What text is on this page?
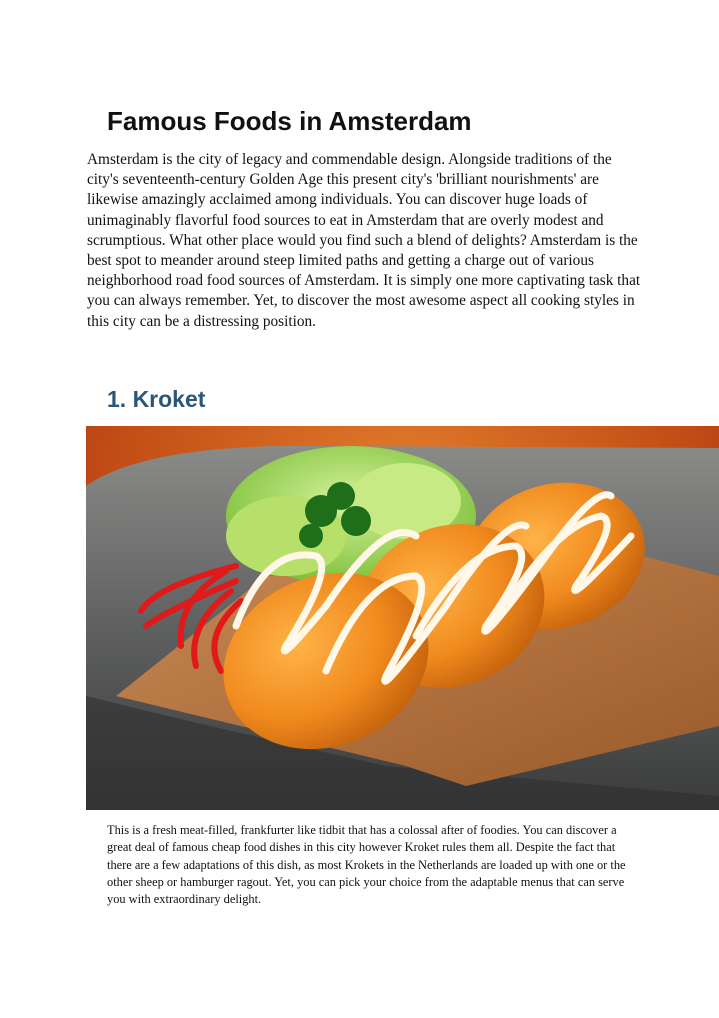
Famous Foods in Amsterdam

Amsterdam is the city of legacy and commendable design. Alongside traditions of the city's seventeenth-century Golden Age this present city's 'brilliant nourishments' are likewise amazingly acclaimed among individuals. You can discover huge loads of unimaginably flavorful food sources to eat in Amsterdam that are overly modest and scrumptious. What other place would you find such a blend of delights? Amsterdam is the best spot to meander around steep limited paths and getting a charge out of various neighborhood road food sources of Amsterdam. It is simply one more captivating task that you can always remember. Yet, to discover the most awesome aspect all cooking styles in this city can be a distressing position.

1. Kroket

This is a fresh meat-filled, frankfurter like tidbit that has a colossal after of foodies. You can discover a great deal of famous cheap food dishes in this city however Kroket rules them all. Despite the fact that there are a few adaptations of this dish, as most Krokets in the Netherlands are loaded up with one or the other sheep or hamburger ragout. Yet, you can pick your choice from the adaptable menus that can serve you with extraordinary delight.
